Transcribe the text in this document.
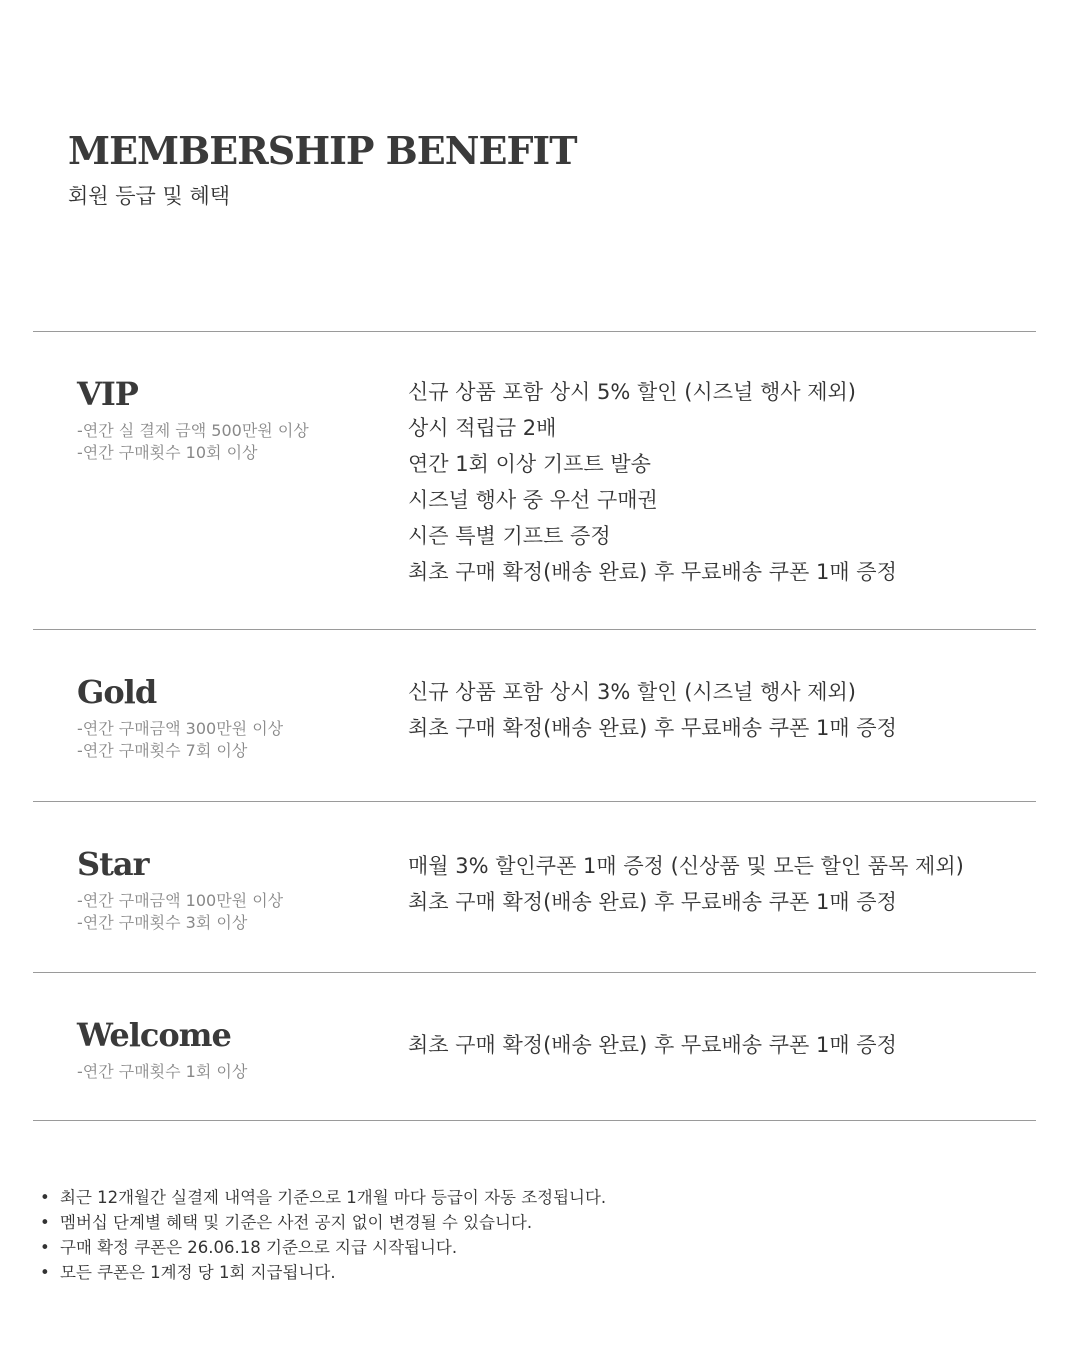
MEMBERSHIP BENEFIT
회원 등급 및 혜택
VIP
-연간 실 결제 금액 500만원 이상
-연간 구매횟수 10회 이상
신규 상품 포함 상시 5% 할인 (시즈널 행사 제외)
상시 적립금 2배
연간 1회 이상 기프트 발송
시즈널 행사 중 우선 구매권
시즌 특별 기프트 증정
최초 구매 확정(배송 완료) 후 무료배송 쿠폰 1매 증정
Gold
-연간 구매금액 300만원 이상
-연간 구매횟수 7회 이상
신규 상품 포함 상시 3% 할인 (시즈널 행사 제외)
최초 구매 확정(배송 완료) 후 무료배송 쿠폰 1매 증정
Star
-연간 구매금액 100만원 이상
-연간 구매횟수 3회 이상
매월 3% 할인쿠폰 1매 증정 (신상품 및 모든 할인 품목 제외)
최초 구매 확정(배송 완료) 후 무료배송 쿠폰 1매 증정
Welcome
-연간 구매횟수 1회 이상
최초 구매 확정(배송 완료) 후 무료배송 쿠폰 1매 증정
• 최근 12개월간 실결제 내역을 기준으로 1개월 마다 등급이 자동 조정됩니다.
• 멤버십 단계별 혜택 및 기준은 사전 공지 없이 변경될 수 있습니다.
• 구매 확정 쿠폰은 26.06.18 기준으로 지급 시작됩니다.
• 모든 쿠폰은 1계정 당 1회 지급됩니다.
